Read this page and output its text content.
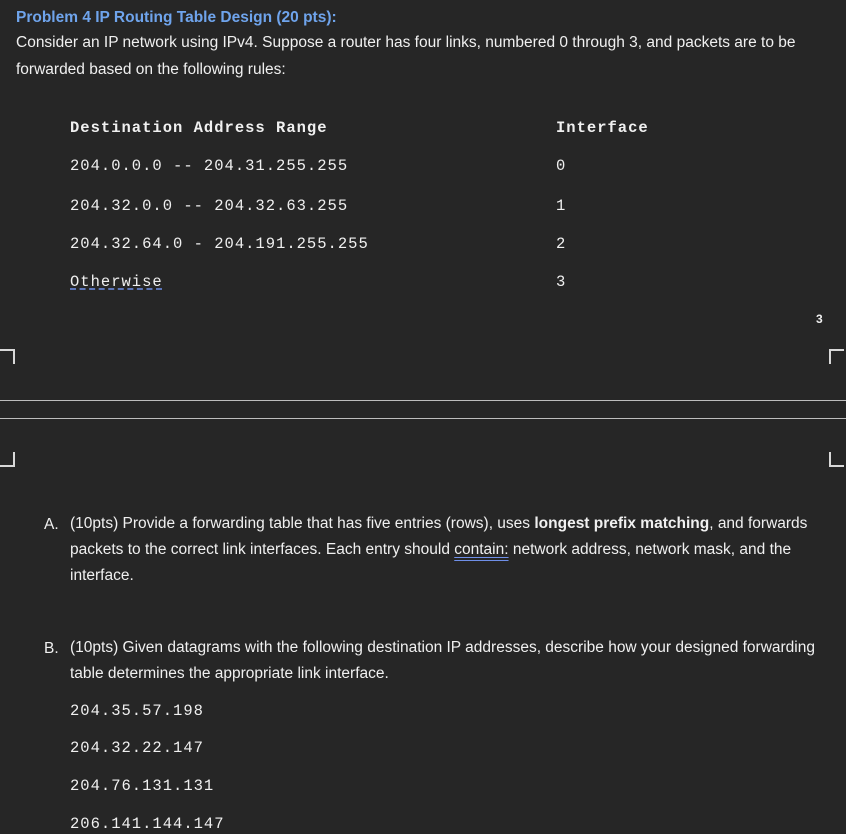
Problem 4 IP Routing Table Design (20 pts):
Consider an IP network using IPv4. Suppose a router has four links, numbered 0 through 3, and packets are to be forwarded based on the following rules:
Destination Address Range	Interface
204.0.0.0 -- 204.31.255.255	0
204.32.0.0 -- 204.32.63.255	1
204.32.64.0 - 204.191.255.255	2
Otherwise	3
3
A. (10pts) Provide a forwarding table that has five entries (rows), uses longest prefix matching, and forwards packets to the correct link interfaces. Each entry should contain: network address, network mask, and the interface.
B. (10pts) Given datagrams with the following destination IP addresses, describe how your designed forwarding table determines the appropriate link interface.
204.35.57.198
204.32.22.147
204.76.131.131
206.141.144.147
